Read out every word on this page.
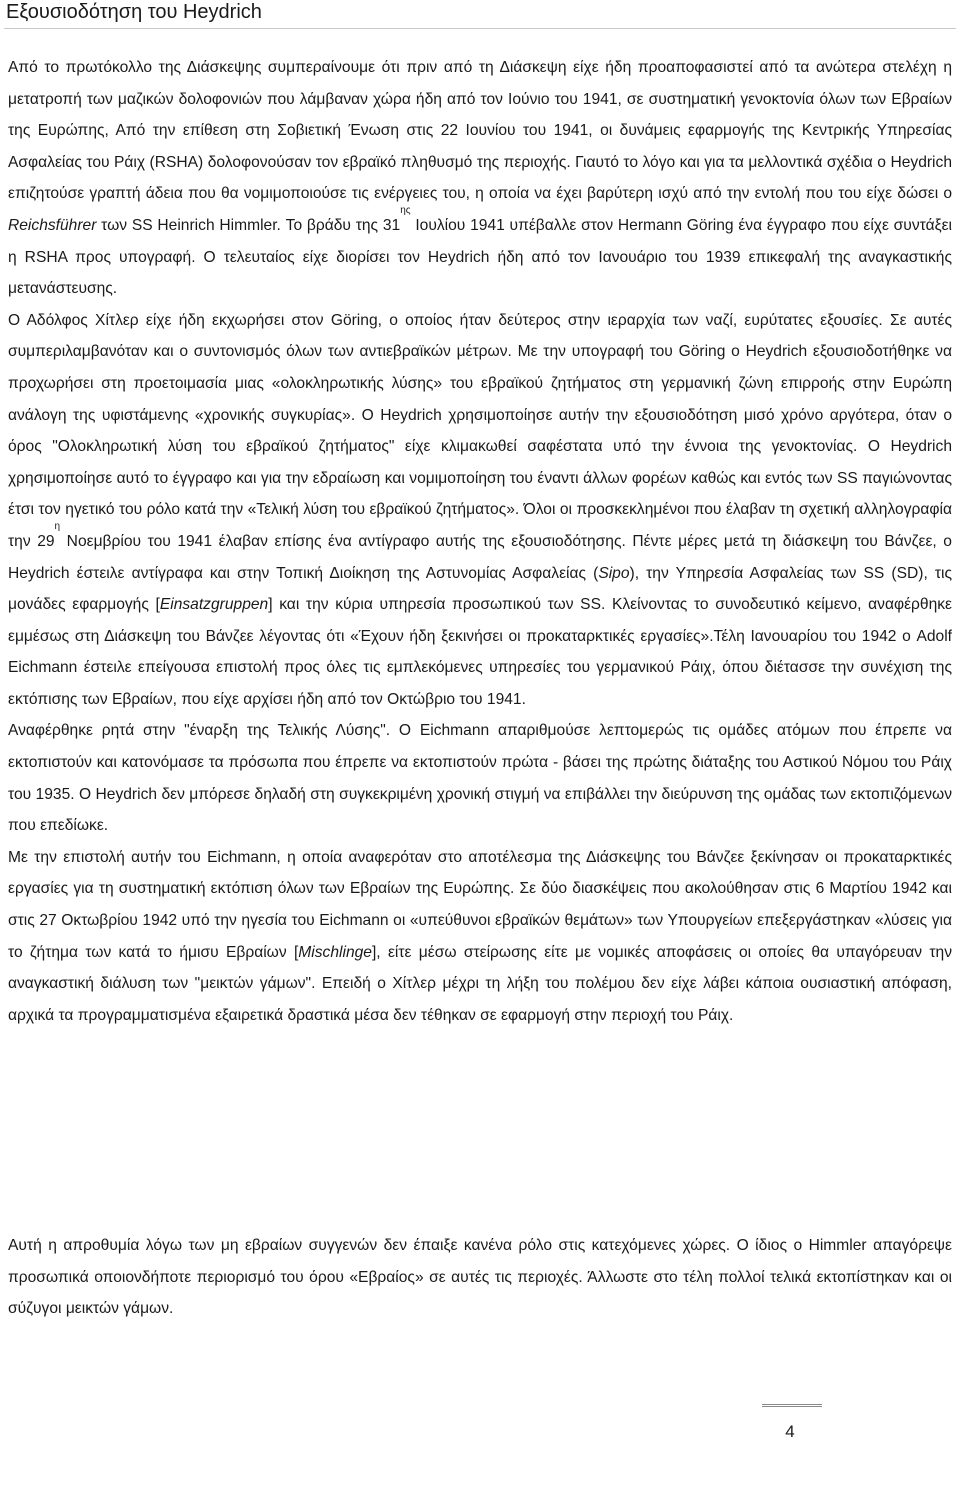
Εξουσιοδότηση του Heydrich

Από το πρωτόκολλο της Διάσκεψης συμπεραίνουμε ότι πριν από τη Διάσκεψη είχε ήδη προαποφασιστεί από τα ανώτερα στελέχη η μετατροπή των μαζικών δολοφονιών που λάμβαναν χώρα ήδη από τον Ιούνιο του 1941, σε συστηματική γενοκτονία όλων των Εβραίων της Ευρώπης, Από την επίθεση στη Σοβιετική Ένωση στις 22 Ιουνίου του 1941, οι δυνάμεις εφαρμογής της Κεντρικής Υπηρεσίας Ασφαλείας του Ράιχ (RSHA) δολοφονούσαν τον εβραϊκό πληθυσμό της περιοχής. Γιαυτό το λόγο και για τα μελλοντικά σχέδια ο Heydrich επιζητούσε γραπτή άδεια που θα νομιμοποιούσε τις ενέργειες του, η οποία να έχει βαρύτερη ισχύ από την εντολή που του είχε δώσει ο Reichsführer των SS Heinrich Himmler. Το βράδυ της $31^{\eta\varsigma}$ Ιουλίου 1941 υπέβαλλε στον Hermann Göring ένα έγγραφο που είχε συντάξει η RSHA προς υπογραφή. Ο τελευταίος είχε διορίσει τον Heydrich ήδη από τον Ιανουάριο του 1939 επικεφαλή της αναγκαστικής μετανάστευσης.

Ο Αδόλφος Χίτλερ είχε ήδη εκχωρήσει στον Göring, ο οποίος ήταν δεύτερος στην ιεραρχία των ναζί, ευρύτατες εξουσίες. Σε αυτές συμπεριλαμβανόταν και ο συντονισμός όλων των αντιεβραϊκών μέτρων. Με την υπογραφή του Göring ο Heydrich εξουσιοδοτήθηκε να προχωρήσει στη προετοιμασία μιας «ολοκληρωτικής λύσης» του εβραϊκού ζητήματος στη γερμανική ζώνη επιρροής στην Ευρώπη ανάλογη της υφιστάμενης «χρονικής συγκυρίας». Ο Heydrich χρησιμοποίησε αυτήν την εξουσιοδότηση μισό χρόνο αργότερα, όταν ο όρος "Ολοκληρωτική λύση του εβραϊκού ζητήματος" είχε κλιμακωθεί σαφέστατα υπό την έννοια της γενοκτονίας. Ο Heydrich χρησιμοποίησε αυτό το έγγραφο και για την εδραίωση και νομιμοποίηση του έναντι άλλων φορέων καθώς και εντός των SS παγιώνοντας έτσι τον ηγετικό του ρόλο κατά την «Τελική λύση του εβραϊκού ζητήματος». Όλοι οι προσκεκλημένοι που έλαβαν τη σχετική αλληλογραφία την $29^\eta$ Νοεμβρίου του 1941 έλαβαν επίσης ένα αντίγραφο αυτής της εξουσιοδότησης. Πέντε μέρες μετά τη διάσκεψη του Βάνζεε, ο Heydrich έστειλε αντίγραφα και στην Τοπική Διοίκηση της Αστυνομίας Ασφαλείας (Sipo), την Υπηρεσία Ασφαλείας των SS (SD), τις μονάδες εφαρμογής [Einsatzgruppen] και την κύρια υπηρεσία προσωπικού των SS. Κλείνοντας το συνοδευτικό κείμενο, αναφέρθηκε εμμέσως στη Διάσκεψη του Βάνζεε λέγοντας ότι «Έχουν ήδη ξεκινήσει οι προκαταρκτικές εργασίες».Τέλη Ιανουαρίου του 1942 ο Adolf Eichmann έστειλε επείγουσα επιστολή προς όλες τις εμπλεκόμενες υπηρεσίες του γερμανικού Ράιχ, όπου διέτασσε την συνέχιση της εκτόπισης των Εβραίων, που είχε αρχίσει ήδη από τον Οκτώβριο του 1941.

Αναφέρθηκε ρητά στην "έναρξη της Τελικής Λύσης". Ο Eichmann απαριθμούσε λεπτομερώς τις ομάδες ατόμων που έπρεπε να εκτοπιστούν και κατονόμασε τα πρόσωπα που έπρεπε να εκτοπιστούν πρώτα - βάσει της πρώτης διάταξης του Αστικού Νόμου του Ράιχ του 1935. Ο Heydrich δεν μπόρεσε δηλαδή στη συγκεκριμένη χρονική στιγμή να επιβάλλει την διεύρυνση της ομάδας των εκτοπιζόμενων που επεδίωκε.

Με την επιστολή αυτήν του Eichmann, η οποία αναφερόταν στο αποτέλεσμα της Διάσκεψης του Βάνζεε ξεκίνησαν οι προκαταρκτικές εργασίες για τη συστηματική εκτόπιση όλων των Εβραίων της Ευρώπης. Σε δύο διασκέψεις που ακολούθησαν στις 6 Μαρτίου 1942 και στις 27 Οκτωβρίου 1942 υπό την ηγεσία του Eichmann οι «υπεύθυνοι εβραϊκών θεμάτων» των Υπουργείων επεξεργάστηκαν «λύσεις για το ζήτημα των κατά το ήμισυ Εβραίων [Mischlinge], είτε μέσω στείρωσης είτε με νομικές αποφάσεις οι οποίες θα υπαγόρευαν την αναγκαστική διάλυση των "μεικτών γάμων". Επειδή ο Χίτλερ μέχρι τη λήξη του πολέμου δεν είχε λάβει κάποια ουσιαστική απόφαση, αρχικά τα προγραμματισμένα εξαιρετικά δραστικά μέσα δεν τέθηκαν σε εφαρμογή στην περιοχή του Ράιχ.

Αυτή η απροθυμία λόγω των μη εβραίων συγγενών δεν έπαιξε κανένα ρόλο στις κατεχόμενες χώρες. Ο ίδιος ο Himmler απαγόρεψε προσωπικά οποιονδήποτε περιορισμό του όρου «Εβραίος» σε αυτές τις περιοχές. Άλλωστε στο τέλη πολλοί τελικά εκτοπίστηκαν και οι σύζυγοι μεικτών γάμων.

4
